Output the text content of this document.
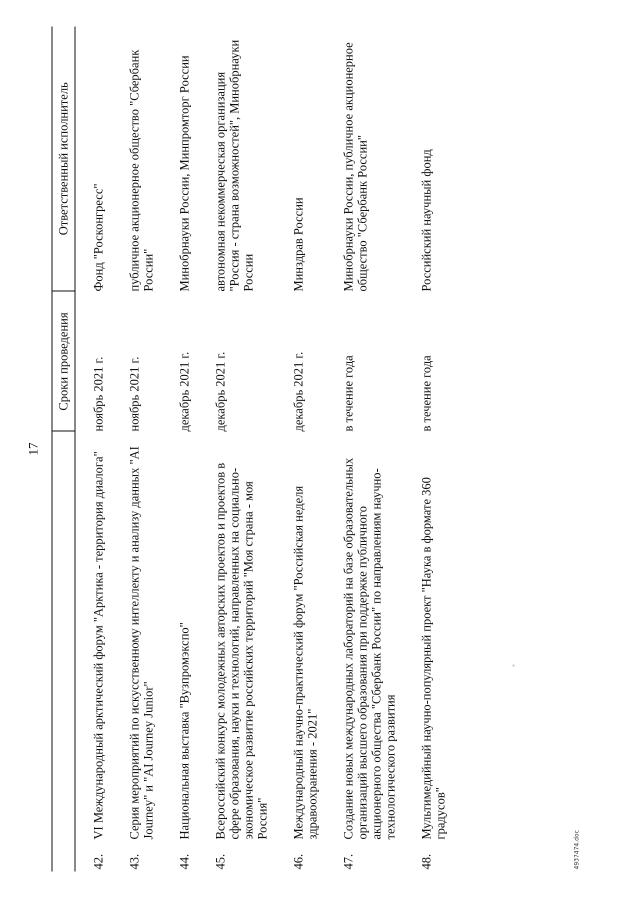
17
	Сроки проведения	Ответственный исполнитель
42.VI Международный арктический форум "Арктика - территория диалога"	ноябрь 2021 г.	Фонд "Росконгресс"
43.Серия мероприятий по искусственному интеллекту и анализу данных "AI Journey" и "AI Journey Junior"	ноябрь 2021 г.	публичное акционерное общество "Сбербанк России"
44.Национальная выставка "Вузпромэкспо"	декабрь 2021 г.	Минобрнауки России, Минпромторг России
45.Всероссийский конкурс молодежных авторских проектов и проектов в сфере образования, науки и технологий, направленных на социально-экономическое развитие российских территорий "Моя страна - моя Россия"	декабрь 2021 г.	автономная некоммерческая организация "Россия - страна возможностей", Минобрнауки России
46.Международный научно-практический форум "Российская неделя здравоохранения - 2021"	декабрь 2021 г.	Минздрав России
47.Создание новых международных лабораторий на базе образовательных организаций высшего образования при поддержке публичного акционерного общества "Сбербанк России" по направлениям научно-технологического развития	в течение года	Минобрнауки России, публичное акционерное общество "Сбербанк России"
48.Мультимедийный научно-популярный проект "Наука в формате 360 градусов"	в течение года	Российский научный фонд
4937474.doc
